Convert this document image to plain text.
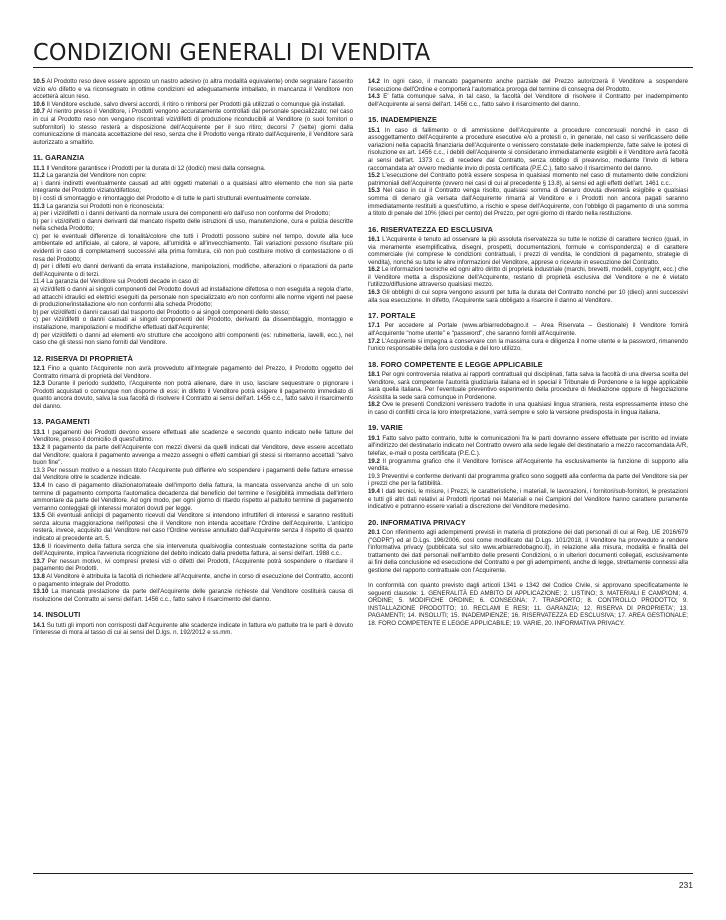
CONDIZIONI GENERALI DI VENDITA

10.5 Al Prodotto reso deve essere apposto un nastro adesivo (o altra modalità equivalente) onde segnalare l'asserito vizio e/o difetto e va riconsegnato in ottime condizioni ed adeguatamente imballato, in mancanza il Venditore non accetterà alcun reso.

10.6 Il Venditore esclude, salvo diversi accordi, il ritiro o rimborsi per Prodotti già utilizzati o comunque già installati.

10.7 Al rientro presso il Venditore, i Prodotti vengono accuratamente controllati dal personale specializzato; nel caso in cui al Prodotto reso non vengano riscontrati vizi/difetti di produzione riconducibili al Venditore (o suoi fornitori o subfornitori) lo stesso resterà a disposizione dell'Acquirente per il suo ritiro; decorsi 7 (sette) giorni dalla comunicazione di mancata accettazione del reso, senza che il Prodotto venga ritirato dall'Acquirente, il Venditore sarà autorizzato a smaltirlo.

11. GARANZIA

11.1 Il Venditore garantisce i Prodotti per la durata di 12 (dodici) mesi dalla consegna.

11.2 La garanzia del Venditore non copre:

a) i danni indiretti eventualmente causati ad altri oggetti materiali o a qualsiasi altro elemento che non sia parte integrante del Prodotto viziato/difettoso;

b) i costi di smontaggio e rimontaggio del Prodotto e di tutte le parti strutturali eventualmente correlate.

11.3 La garanzia sui Prodotti non è riconosciuta:

a) per i vizi/difetti o i danni derivanti da normale usura dei componenti e/o dall'uso non conforme del Prodotto;

b) per i vizi/difetti o danni derivanti dal mancato rispetto delle istruzioni di uso, manutenzione, cura e pulizia descritte nella scheda Prodotto;

c) per le eventuali differenze di tonalità/colore che tutti i Prodotti possono subire nel tempo, dovute alla luce ambientale ed artificiale, al calore, al vapore, all'umidità e all'invecchiamento. Tali variazioni possono risultare più evidenti in caso di completamenti successivi alla prima fornitura, ciò non può costituire motivo di contestazione o di resa del Prodotto;

d) per i difetti e/o danni derivanti da errata installazione, manipolazioni, modifiche, alterazioni o riparazioni da parte dell'Acquirente o di terzi.

11.4 La garanzia del Venditore sui Prodotti decade in caso di:

a) vizi/difetti o danni ai singoli componenti del Prodotto dovuti ad installazione difettosa o non eseguita a regola d'arte, ad attacchi idraulici ed elettrici eseguiti da personale non specializzato e/o non conformi alle norme vigenti nel paese di produzione/installazione e/o non conformi alla scheda Prodotto;

b) per vizi/difetti o danni causati dal trasporto del Prodotto o ai singoli componenti dello stesso;

c) per vizi/difetti o danni causati ai singoli componenti del Prodotto, derivanti da dissemblaggio, montaggio e installazione, manipolazioni e modifiche effettuati dall'Acquirente;

d) per vizi/difetti o danni ad elementi e/o strutture che accolgono altri componenti (es: rubinetteria, lavelli, ecc.), nel caso che gli stessi non siano forniti dal Venditore.

12. RISERVA DI PROPRIETÀ

12.1 Fino a quanto l'Acquirente non avrà provveduto all'integrale pagamento del Prezzo, il Prodotto oggetto del Contratto rimarrà di proprietà del Venditore.

12.3 Durante il periodo suddetto, l'Acquirente non potrà alienare, dare in uso, lasciare sequestrare o pignorare i Prodotti acquistati o comunque non disporne di essi; in difetto il Venditore potrà esigere il pagamento immediato di quanto ancora dovuto, salva la sua facoltà di risolvere il Contratto ai sensi dell'art. 1456 c.c., fatto salvo il risarcimento del danno.

13. PAGAMENTI

13.1 I pagamenti dei Prodotti devono essere effettuati alle scadenze e secondo quanto indicato nelle fatture del Venditore, presso il domicilio di quest'ultimo.

13.2 Il pagamento da parte dell'Acquirente con mezzi diversi da quelli indicati dal Venditore, deve essere accettato dal Venditore; qualora il pagamento avvenga a mezzo assegni o effetti cambiari gli stessi si riterranno accettati "salvo buon fine".

13.3 Per nessun motivo e a nessun titolo l'Acquirente può differire e/o sospendere i pagamenti delle fatture emesse dal Venditore oltre le scadenze indicate.

13.4 In caso di pagamento dilazionato/rateale dell'importo della fattura, la mancata osservanza anche di un solo termine di pagamento comporta l'automatica decadenza dal beneficio del termine e l'esigibilità immediata dell'intero ammontare da parte del Venditore. Ad ogni modo, per ogni giorno di ritardo rispetto al pattuito termine di pagamento verranno conteggiati gli interessi moratori dovuti per legge.

13.5 Gli eventuali anticipi di pagamento ricevuti dal Venditore si intendono infruttiferi di interessi e saranno restituiti senza alcuna maggiorazione nell'ipotesi che il Venditore non intenda accettare l'Ordine dell'Acquirente. L'anticipo resterà, invece, acquisito dal Venditore nel caso l'Ordine venisse annullato dall'Acquirente senza il rispetto di quanto indicato al precedente art. 5.

13.6 Il ricevimento della fattura senza che sia intervenuta qualsivoglia contestuale contestazione scritta da parte dell'Acquirente, implica l'avvenuta ricognizione del debito indicato dalla predetta fattura, ai sensi dell'art. 1988 c.c..

13.7 Per nessun motivo, ivi compresi pretesi vizi o difetti dei Prodotti, l'Acquirente potrà sospendere o ritardare il pagamento dei Prodotti.

13.8 Al Venditore è attribuita la facoltà di richiedere all'Acquirente, anche in corso di esecuzione del Contratto, acconti o pagamento integrale del Prodotto.

13.10 La mancata prestazione da parte dell'Acquirente delle garanzie richieste dal Venditore costituirà causa di risoluzione del Contratto ai sensi dell'art. 1456 c.c., fatto salvo il risarcimento del danno.

14. INSOLUTI

14.1 Su tutti gli importi non corrisposti dall'Acquirente alle scadenze indicate in fattura e/o pattuite tra le parti è dovuto l'interesse di mora al tasso di cui ai sensi del D.lgs. n. 192/2012 e ss.mm.

14.2 In ogni caso, il mancato pagamento anche parziale del Prezzo autorizzerà il Venditore a sospendere l'esecuzione dell'Ordine e comporterà l'automatica proroga del termine di consegna del Prodotto.

14.3 E' fatta comunque salva, in tal caso, la facoltà del Venditore di risolvere il Contratto per inadempimento dell'Acquirente ai sensi dell'art. 1456 c.c., fatto salvo il risarcimento del danno.

15. INADEMPIENZE

15.1 In caso di fallimento o di ammissione dell'Acquirente a procedure concorsuali nonché in caso di assoggettamento dell'Acquirente a procedure esecutive e/o a protesti o, in generale, nel caso si verificassero delle variazioni nella capacità finanziaria dell'Acquirente o venissero constatate delle inadempienze, fatte salve le ipotesi di risoluzione ex art. 1456 c.c., i debiti dell'Acquirente si considerano immediatamente esigibili e il Venditore avrà facoltà ai sensi dell'art. 1373 c.c. di recedere dal Contratto, senza obbligo di preavviso, mediante l'invio di lettera raccomandata a/r ovvero mediante invio di posta certificata (P.E.C.), fatto salvo il risarcimento del danno.

15.2 L'esecuzione del Contratto potrà essere sospesa in qualsiasi momento nel caso di mutamento delle condizioni patrimoniali dell'Acquirente (ovvero nei casi di cui al precedente § 13.8), ai sensi ed agli effetti dell'art. 1461 c.c..

15.3 Nel caso in cui il Contratto venga risolto, qualsiasi somma di denaro dovuta diventerà esigibile e qualsiasi somma di denaro già versata dall'Acquirente rimarrà al Venditore e i Prodotti non ancora pagati saranno immediatamente restituiti a quest'ultimo, a rischio e spese dell'Acquirente, con l'obbligo di pagamento di una somma a titolo di penale del 10% (dieci per cento) del Prezzo, per ogni giorno di ritardo nella restituzione.

16. RISERVATEZZA ED ESCLUSIVA

16.1 L'Acquirente è tenuto ad osservare la più assoluta riservatezza su tutte le notizie di carattere tecnico (quali, in via meramente esemplificativa, disegni, prospetti, documentazioni, formule e corrispondenza) e di carattere commerciale (ivi comprese le condizioni contrattuali, i prezzi di vendita, le condizioni di pagamento, strategie di vendita), nonché su tutte le altre informazioni del Venditore, apprese o ricevute in esecuzione del Contratto.

16.2 Le informazioni tecniche ed ogni altro diritto di proprietà industriale (marchi, brevetti, modelli, copyright, ecc.) che il Venditore metta a disposizione dell'Acquirente, restano di proprietà esclusiva del Venditore e ne è vietato l'utilizzo/diffusione attraverso qualsiasi mezzo.

16.3 Gli obblighi di cui sopra vengono assunti per tutta la durata del Contratto nonché per 10 (dieci) anni successivi alla sua esecuzione. In difetto, l'Acquirente sarà obbligato a risarcire il danno al Venditore.

17. PORTALE

17.1 Per accedere al Portale (www.arbiarredobagno.it – Area Riservata – Gestionale) il Venditore fornirà all'Acquirente "nome utente" e "password", che saranno forniti all'Acquirente.

17.2 L'Acquirente si impegna a conservare con la massima cura e diligenza il nome utente e la password, rimanendo l'unico responsabile della loro custodia e del loro utilizzo.

18. FORO COMPETENTE E LEGGE APPLICABILE

18.1 Per ogni controversia relativa ai rapporti contrattuali qui disciplinati, fatta salva la facoltà di una diversa scelta del Venditore, sarà competente l'autorità giudiziaria italiana ed in special il Tribunale di Pordenone e la legge applicabile sarà quella italiana. Per l'eventuale preventivo esperimento della procedure di Mediazione oppure di Negoziazione Assistita la sede sarà comunque in Pordenone.

18.2 Ove le presenti Condizioni venissero tradotte in una qualsiasi lingua straniera, resta espressamente inteso che in caso di conflitti circa la loro interpretazione, varrà sempre e solo la versione predisposta in lingua italiana.

19. VARIE

19.1 Fatto salvo patto contrario, tutte le comunicazioni fra le parti dovranno essere effettuate per iscritto ed inviate all'indirizzo del destinatario indicato nel Contratto ovvero alla sede legale del destinatario a mezzo raccomandata A/R, telefax, e-mail o posta certificata (P.E.C.).

19.2 Il programma grafico che il Venditore fornisce all'Acquirente ha esclusivamente la funzione di supporto alla vendita.

19.3 Preventivi e conferme derivanti dal programma grafico sono soggetti alla conferma da parte del Venditore sia per i prezzi che per la fattibilità.

19.4 I dati tecnici, le misure, i Prezzi, le caratteristiche, i materiali, le lavorazioni, i fornitori/sub-fornitori, le prestazioni e tutti gli altri dati relativi ai Prodotti riportati nei Materiali e nei Campioni del Venditore hanno carattere puramente indicativo e potranno essere variati a discrezione del Venditore medesimo.

20. INFORMATIVA PRIVACY

20.1 Con riferimento agli adempimenti previsti in materia di protezione dei dati personali di cui al Reg. UE 2016/679 ("GDPR") ed al D.Lgs. 196/2006, così come modificato dal D.Lgs. 101/2018, il Venditore ha provveduto a rendere l'informativa privacy (pubblicata sul sito www.arbiarredobagno.it), in relazione alla misura, modalità e finalità del trattamento dei dati personali nell'ambito delle presenti Condizioni, o in ulteriori documenti collegati, esclusivamente ai fini della conclusione ed esecuzione del Contratto e per gli adempimenti, anche di legge, strettamente connessi alla gestione del rapporto contrattuale con l'Acquirente.

In conformità con quanto previsto dagli articoli 1341 e 1342 del Codice Civile, si approvano specificatamente le seguenti clausole: 1. GENERALITÀ ED AMBITO DI APPLICAZIONE; 2. LISTINO; 3. MATERIALI E CAMPIONI; 4. ORDINE; 5. MODIFICHE ORDINE; 6. CONSEGNA; 7. TRASPORTO; 8. CONTROLLO PRODOTTO; 9. INSTALLAZIONE PRODOTTO; 10. RECLAMI E RESI; 11. GARANZIA; 12. RISERVA DI PROPRIETA'; 13. PAGAMENTI; 14. INSOLUTI; 15. INADEMPIENZE; 16. RISERVATEZZA ED ESCLUSIVA; 17. AREA GESTIONALE; 18. FORO COMPETENTE E LEGGE APPLICABILE; 19. VARIE, 20. INFORMATIVA PRIVACY.

231
